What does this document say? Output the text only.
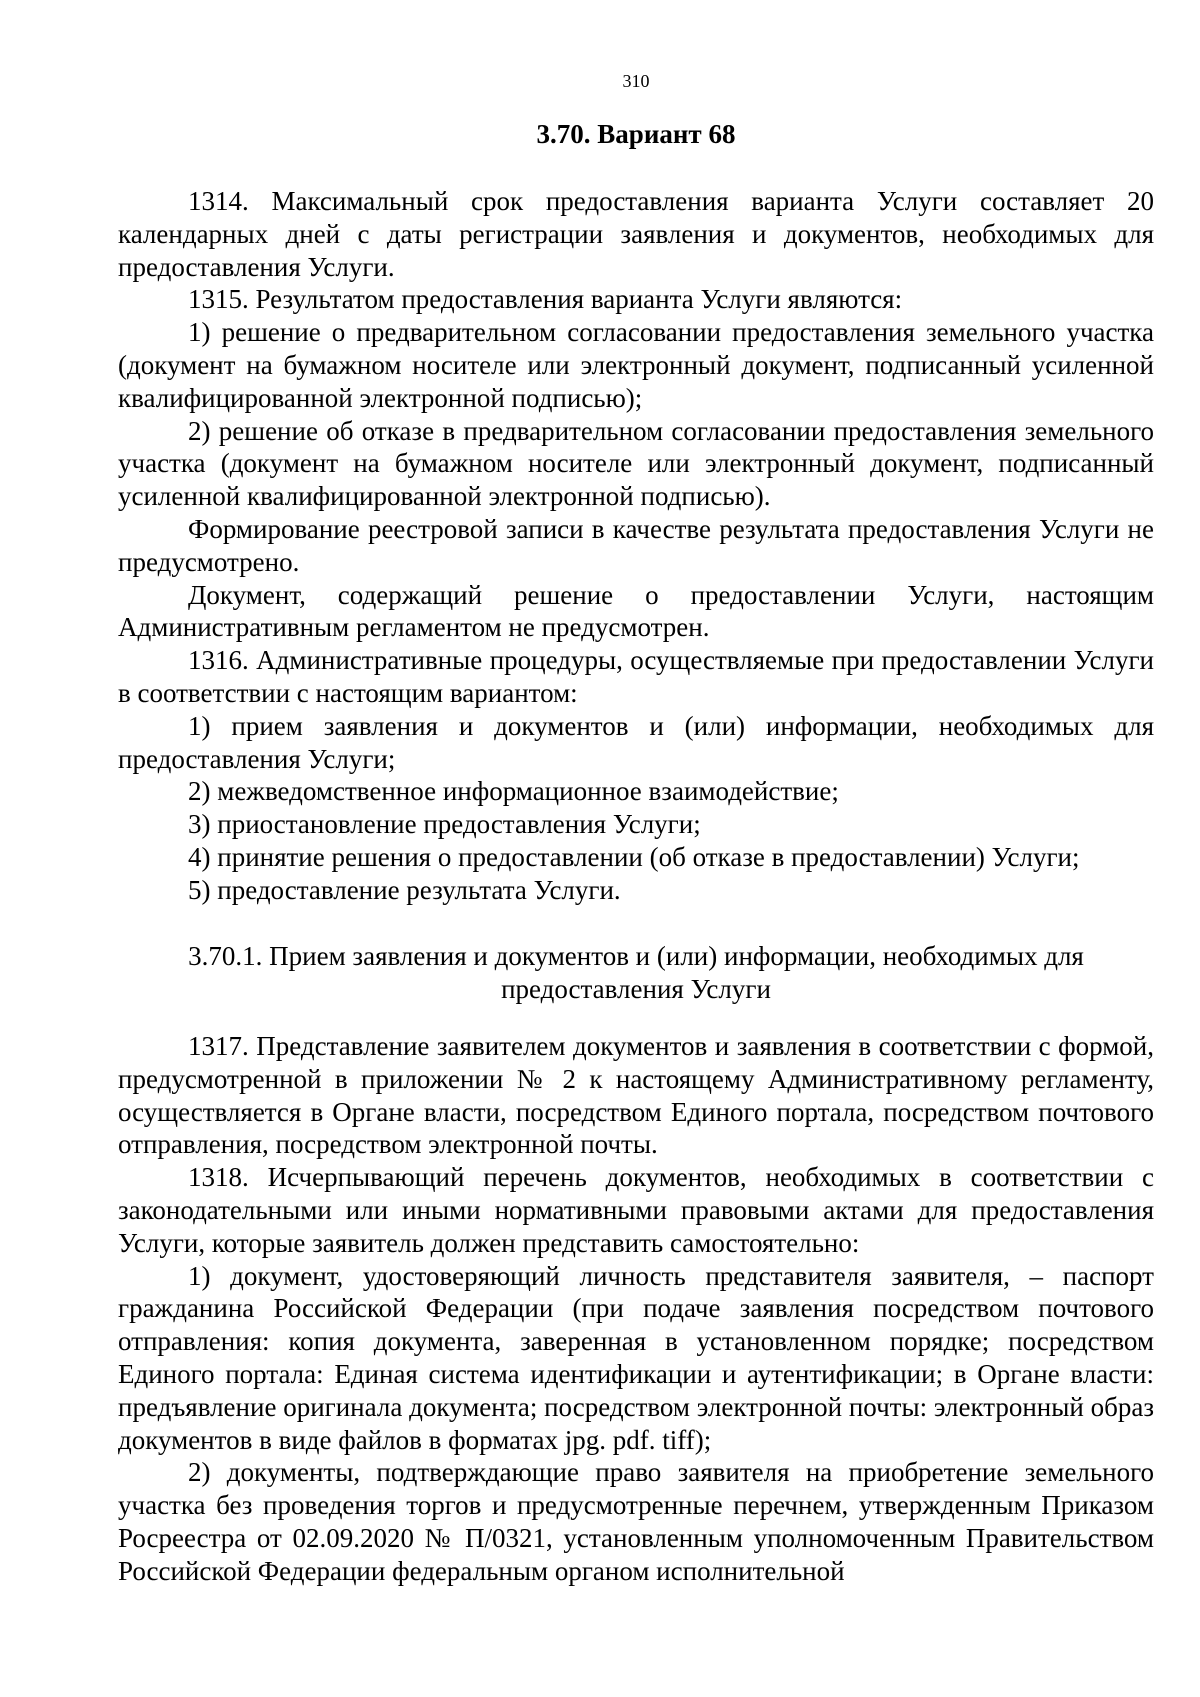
310
3.70. Вариант 68

1314. Максимальный срок предоставления варианта Услуги составляет 20 календарных дней с даты регистрации заявления и документов, необходимых для предоставления Услуги.

1315. Результатом предоставления варианта Услуги являются:

1) решение о предварительном согласовании предоставления земельного участка (документ на бумажном носителе или электронный документ, подписанный усиленной квалифицированной электронной подписью);

2) решение об отказе в предварительном согласовании предоставления земельного участка (документ на бумажном носителе или электронный документ, подписанный усиленной квалифицированной электронной подписью).

Формирование реестровой записи в качестве результата предоставления Услуги не предусмотрено.

Документ, содержащий решение о предоставлении Услуги, настоящим Административным регламентом не предусмотрен.

1316. Административные процедуры, осуществляемые при предоставлении Услуги в соответствии с настоящим вариантом:

1) прием заявления и документов и (или) информации, необходимых для предоставления Услуги;

2) межведомственное информационное взаимодействие;

3) приостановление предоставления Услуги;

4) принятие решения о предоставлении (об отказе в предоставлении) Услуги;

5) предоставление результата Услуги.

3.70.1. Прием заявления и документов и (или) информации, необходимых для
предоставления Услуги

1317. Представление заявителем документов и заявления в соответствии с формой, предусмотренной в приложении № 2 к настоящему Административному регламенту, осуществляется в Органе власти, посредством Единого портала, посредством почтового отправления, посредством электронной почты.

1318. Исчерпывающий перечень документов, необходимых в соответствии с законодательными или иными нормативными правовыми актами для предоставления Услуги, которые заявитель должен представить самостоятельно:

1) документ, удостоверяющий личность представителя заявителя, – паспорт гражданина Российской Федерации (при подаче заявления посредством почтового отправления: копия документа, заверенная в установленном порядке; посредством Единого портала: Единая система идентификации и аутентификации; в Органе власти: предъявление оригинала документа; посредством электронной почты: электронный образ документов в виде файлов в форматах jpg. pdf. tiff);

2) документы, подтверждающие право заявителя на приобретение земельного участка без проведения торгов и предусмотренные перечнем, утвержденным Приказом Росреестра от 02.09.2020 № П/0321, установленным уполномоченным Правительством Российской Федерации федеральным органом исполнительной
